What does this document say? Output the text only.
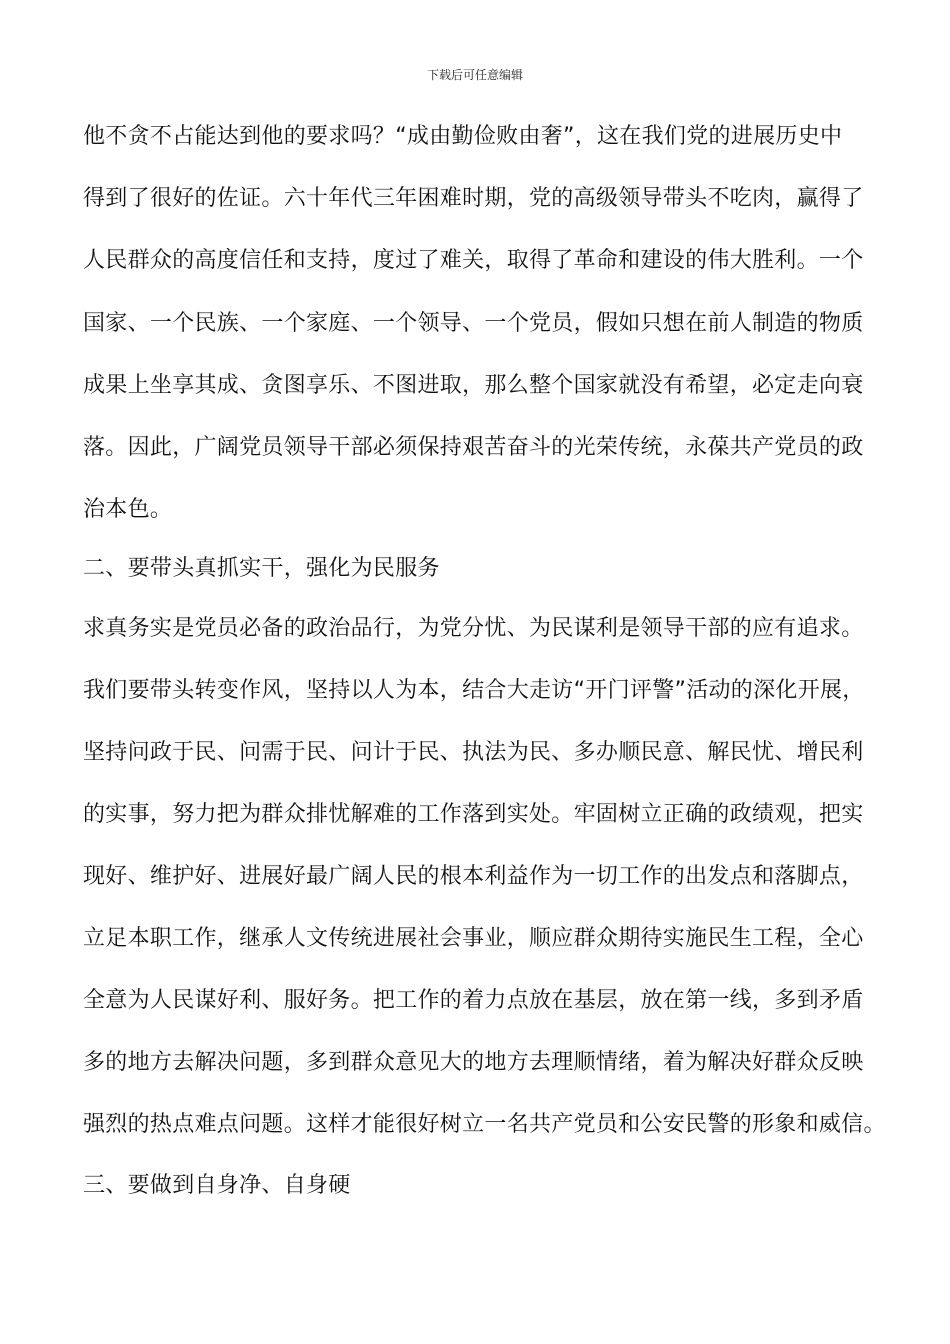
下载后可任意编辑
他不贪不占能达到他的要求吗？“成由勤俭败由奢”，这在我们党的进展历史中
得到了很好的佐证。六十年代三年困难时期，党的高级领导带头不吃肉，赢得了
人民群众的高度信任和支持，度过了难关，取得了革命和建设的伟大胜利。一个
国家、一个民族、一个家庭、一个领导、一个党员，假如只想在前人制造的物质
成果上坐享其成、贪图享乐、不图进取，那么整个国家就没有希望，必定走向衰
落。因此，广阔党员领导干部必须保持艰苦奋斗的光荣传统，永葆共产党员的政
治本色。
二、要带头真抓实干，强化为民服务
求真务实是党员必备的政治品行，为党分忧、为民谋利是领导干部的应有追求。
我们要带头转变作风，坚持以人为本，结合大走访“开门评警”活动的深化开展，
坚持问政于民、问需于民、问计于民、执法为民、多办顺民意、解民忧、增民利
的实事，努力把为群众排忧解难的工作落到实处。牢固树立正确的政绩观，把实
现好、维护好、进展好最广阔人民的根本利益作为一切工作的出发点和落脚点，
立足本职工作，继承人文传统进展社会事业，顺应群众期待实施民生工程，全心
全意为人民谋好利、服好务。把工作的着力点放在基层，放在第一线，多到矛盾
多的地方去解决问题，多到群众意见大的地方去理顺情绪，着为解决好群众反映
强烈的热点难点问题。这样才能很好树立一名共产党员和公安民警的形象和威信。
三、要做到自身净、自身硬
